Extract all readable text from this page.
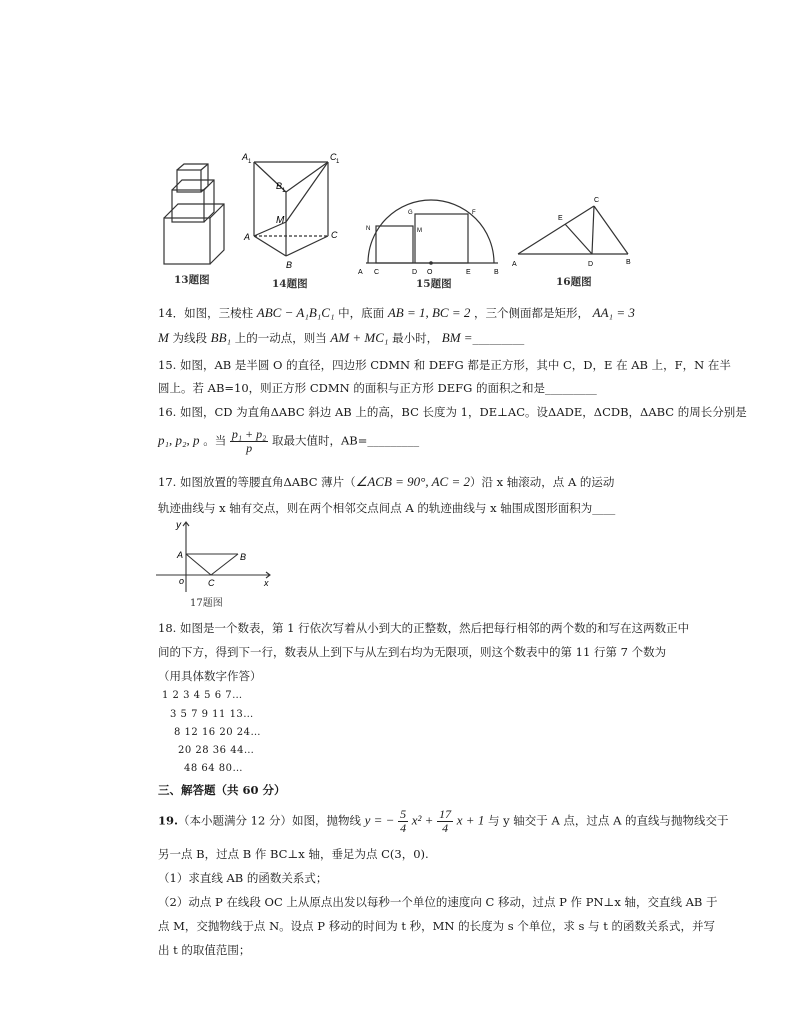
13题图
A 1	C 1
B 1
M
A	C
B
14题图
A C	D O	E	B
N
G
M
F
15题图
A
E
C
D	B
16题图
14．如图，三棱柱 ABC − A₁B₁C₁ 中，底面 AB = 1, BC = 2 ，三个侧面都是矩形， AA₁ = 3
M 为线段 BB₁ 上的一动点，则当 AM + MC₁ 最小时， BM =_________
15. 如图，AB 是半圆 O 的直径，四边形 CDMN 和 DEFG 都是正方形，其中 C，D，E 在 AB 上，F，N 在半
圆上。若 AB=10，则正方形 CDMN 的面积与正方形 DEFG 的面积之和是_________
16. 如图，CD 为直角ΔABC 斜边 AB 上的高，BC 长度为 1，DE⊥AC。设ΔADE，ΔCDB，ΔABC 的周长分别是
p₁, p₂, p 。当 $\frac{\text{p₁ + p₂}}{p}$ 取最大值时，AB=_________
17. 如图放置的等腰直角ΔABC 薄片（∠ACB = 90°, AC = 2）沿 x 轴滚动，点 A 的运动
轨迹曲线与 x 轴有交点，则在两个相邻交点间点 A 的轨迹曲线与 x 轴围成图形面积为____
y
A	B
o	C	x
17题图
18. 如图是一个数表，第 1 行依次写着从小到大的正整数，然后把每行相邻的两个数的和写在这两数正中
间的下方，得到下一行，数表从上到下与从左到右均为无限项，则这个数表中的第 11 行第 7 个数为
（用具体数字作答）
1 2 3 4 5 6 7…
3 5 7 9 11 13…
8 12 16 20 24…
20 28 36 44…
48 64 80…
三、解答题（共 60 分）
19.（本小题满分 12 分）如图，抛物线 y = − $\frac{5}{4} x^2 + \frac{17}{4}$ x + 1 与 y 轴交于 A 点，过点 A 的直线与抛物线交于
另一点 B，过点 B 作 BC⊥x 轴，垂足为点 C(3，0).
（1）求直线 AB 的函数关系式；
（2）动点 P 在线段 OC 上从原点出发以每秒一个单位的速度向 C 移动，过点 P 作 PN⊥x 轴，交直线 AB 于
点 M，交抛物线于点 N。设点 P 移动的时间为 t 秒，MN 的长度为 s 个单位，求 s 与 t 的函数关系式，并写
出 t 的取值范围；
